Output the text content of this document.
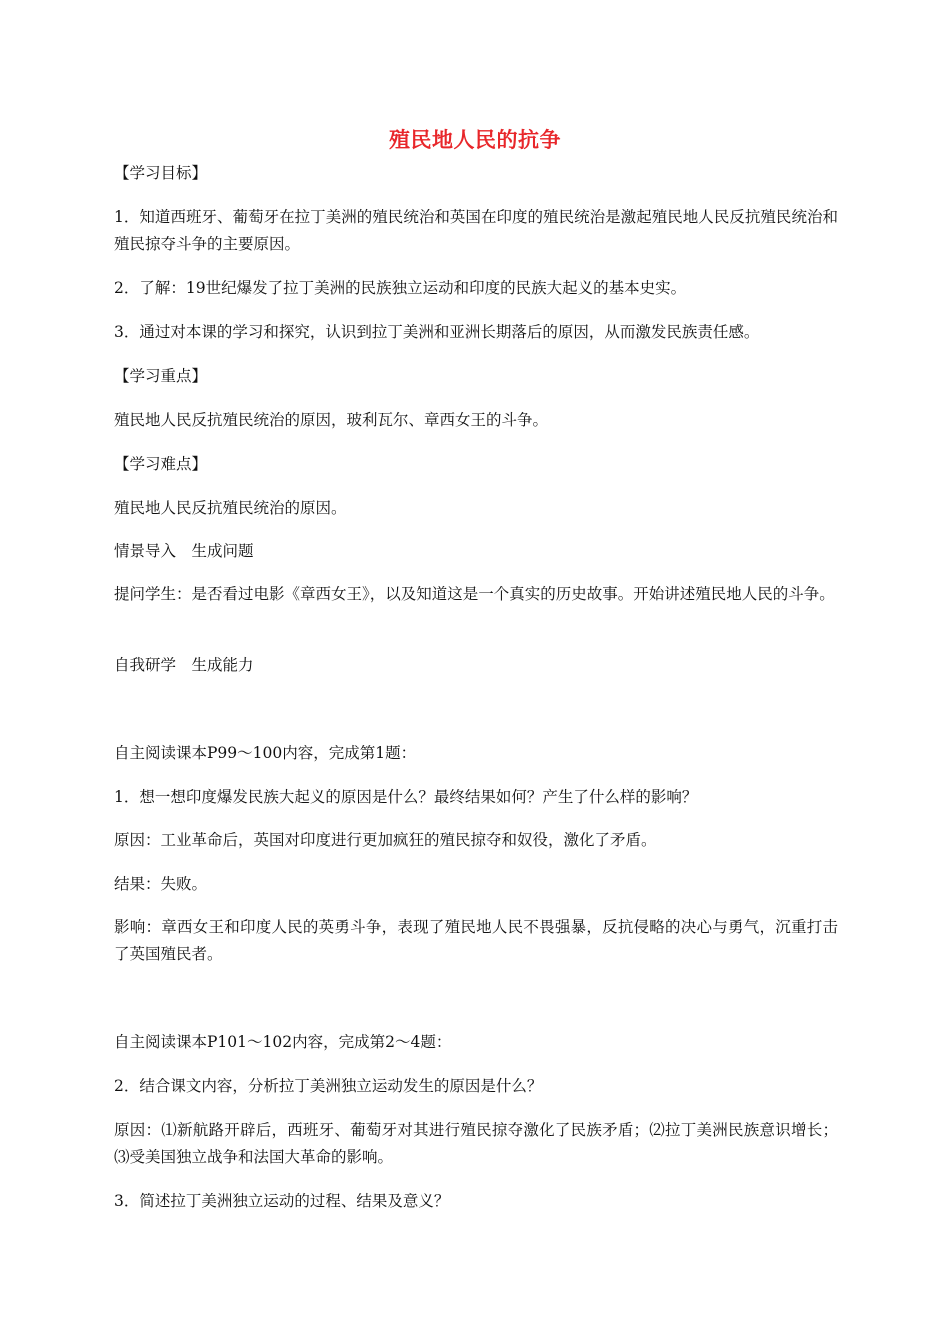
殖民地人民的抗争
【学习目标】
1．知道西班牙、葡萄牙在拉丁美洲的殖民统治和英国在印度的殖民统治是激起殖民地人民反抗殖民统治和殖民掠夺斗争的主要原因。
2．了解：19世纪爆发了拉丁美洲的民族独立运动和印度的民族大起义的基本史实。
3．通过对本课的学习和探究，认识到拉丁美洲和亚洲长期落后的原因，从而激发民族责任感。
【学习重点】
殖民地人民反抗殖民统治的原因，玻利瓦尔、章西女王的斗争。
【学习难点】
殖民地人民反抗殖民统治的原因。
情景导入　生成问题
提问学生：是否看过电影《章西女王》，以及知道这是一个真实的历史故事。开始讲述殖民地人民的斗争。
自我研学　生成能力
自主阅读课本P99～100内容，完成第1题：
1．想一想印度爆发民族大起义的原因是什么？最终结果如何？产生了什么样的影响？
原因：工业革命后，英国对印度进行更加疯狂的殖民掠夺和奴役，激化了矛盾。
结果：失败。
影响：章西女王和印度人民的英勇斗争，表现了殖民地人民不畏强暴，反抗侵略的决心与勇气，沉重打击了英国殖民者。
自主阅读课本P101～102内容，完成第2～4题：
2．结合课文内容，分析拉丁美洲独立运动发生的原因是什么？
原因：⑴新航路开辟后，西班牙、葡萄牙对其进行殖民掠夺激化了民族矛盾；⑵拉丁美洲民族意识增长；⑶受美国独立战争和法国大革命的影响。
3．简述拉丁美洲独立运动的过程、结果及意义？
